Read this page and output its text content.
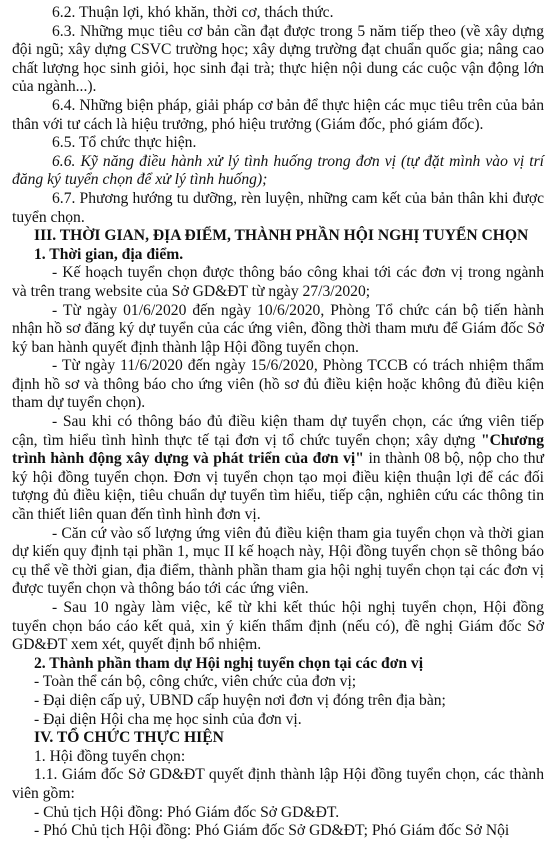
6.2. Thuận lợi, khó khăn, thời cơ, thách thức.

6.3. Những mục tiêu cơ bản cần đạt được trong 5 năm tiếp theo (về xây dựng đội ngũ; xây dựng CSVC trường học; xây dựng trường đạt chuẩn quốc gia; nâng cao chất lượng học sinh giỏi, học sinh đại trà; thực hiện nội dung các cuộc vận động lớn của ngành...).

6.4. Những biện pháp, giải pháp cơ bản để thực hiện các mục tiêu trên của bản thân với tư cách là hiệu trưởng, phó hiệu trưởng (Giám đốc, phó giám đốc).

6.5. Tổ chức thực hiện.

6.6. Kỹ năng điều hành xử lý tình huống trong đơn vị (tự đặt mình vào vị trí đăng ký tuyển chọn để xử lý tình huống);

6.7. Phương hướng tu dưỡng, rèn luyện, những cam kết của bản thân khi được tuyển chọn.

III. THỜI GIAN, ĐỊA ĐIỂM, THÀNH PHẦN HỘI NGHỊ TUYỂN CHỌN

1. Thời gian, địa điểm.

- Kế hoạch tuyển chọn được thông báo công khai tới các đơn vị trong ngành và trên trang website của Sở GD&ĐT từ ngày 27/3/2020;

- Từ ngày 01/6/2020 đến ngày 10/6/2020, Phòng Tổ chức cán bộ tiến hành nhận hồ sơ đăng ký dự tuyển của các ứng viên, đồng thời tham mưu để Giám đốc Sở ký ban hành quyết định thành lập Hội đồng tuyển chọn.

- Từ ngày 11/6/2020 đến ngày 15/6/2020, Phòng TCCB có trách nhiệm thẩm định hồ sơ và thông báo cho ứng viên (hồ sơ đủ điều kiện hoặc không đủ điều kiện tham dự tuyển chọn).

- Sau khi có thông báo đủ điều kiện tham dự tuyển chọn, các ứng viên tiếp cận, tìm hiểu tình hình thực tế tại đơn vị tổ chức tuyển chọn; xây dựng "Chương trình hành động xây dựng và phát triển của đơn vị" in thành 08 bộ, nộp cho thư ký hội đồng tuyển chọn. Đơn vị tuyển chọn tạo mọi điều kiện thuận lợi để các đối tượng đủ điều kiện, tiêu chuẩn dự tuyển tìm hiểu, tiếp cận, nghiên cứu các thông tin cần thiết liên quan đến tình hình đơn vị.

- Căn cứ vào số lượng ứng viên đủ điều kiện tham gia tuyển chọn và thời gian dự kiến quy định tại phần 1, mục II kế hoạch này, Hội đồng tuyển chọn sẽ thông báo cụ thể về thời gian, địa điểm, thành phần tham gia hội nghị tuyển chọn tại các đơn vị được tuyển chọn và thông báo tới các ứng viên.

- Sau 10 ngày làm việc, kể từ khi kết thúc hội nghị tuyển chọn, Hội đồng tuyển chọn báo cáo kết quả, xin ý kiến thẩm định (nếu có), đề nghị Giám đốc Sở GD&ĐT xem xét, quyết định bổ nhiệm.

2. Thành phần tham dự Hội nghị tuyển chọn tại các đơn vị

- Toàn thể cán bộ, công chức, viên chức của đơn vị;

- Đại diện cấp uỷ, UBND cấp huyện nơi đơn vị đóng trên địa bàn;

- Đại diện Hội cha mẹ học sinh của đơn vị.

IV. TỔ CHỨC THỰC HIỆN

1. Hội đồng tuyển chọn:

1.1. Giám đốc Sở GD&ĐT quyết định thành lập Hội đồng tuyển chọn, các thành viên gồm:

- Chủ tịch Hội đồng: Phó Giám đốc Sở GD&ĐT.

- Phó Chủ tịch Hội đồng: Phó Giám đốc Sở GD&ĐT; Phó Giám đốc Sở Nội
